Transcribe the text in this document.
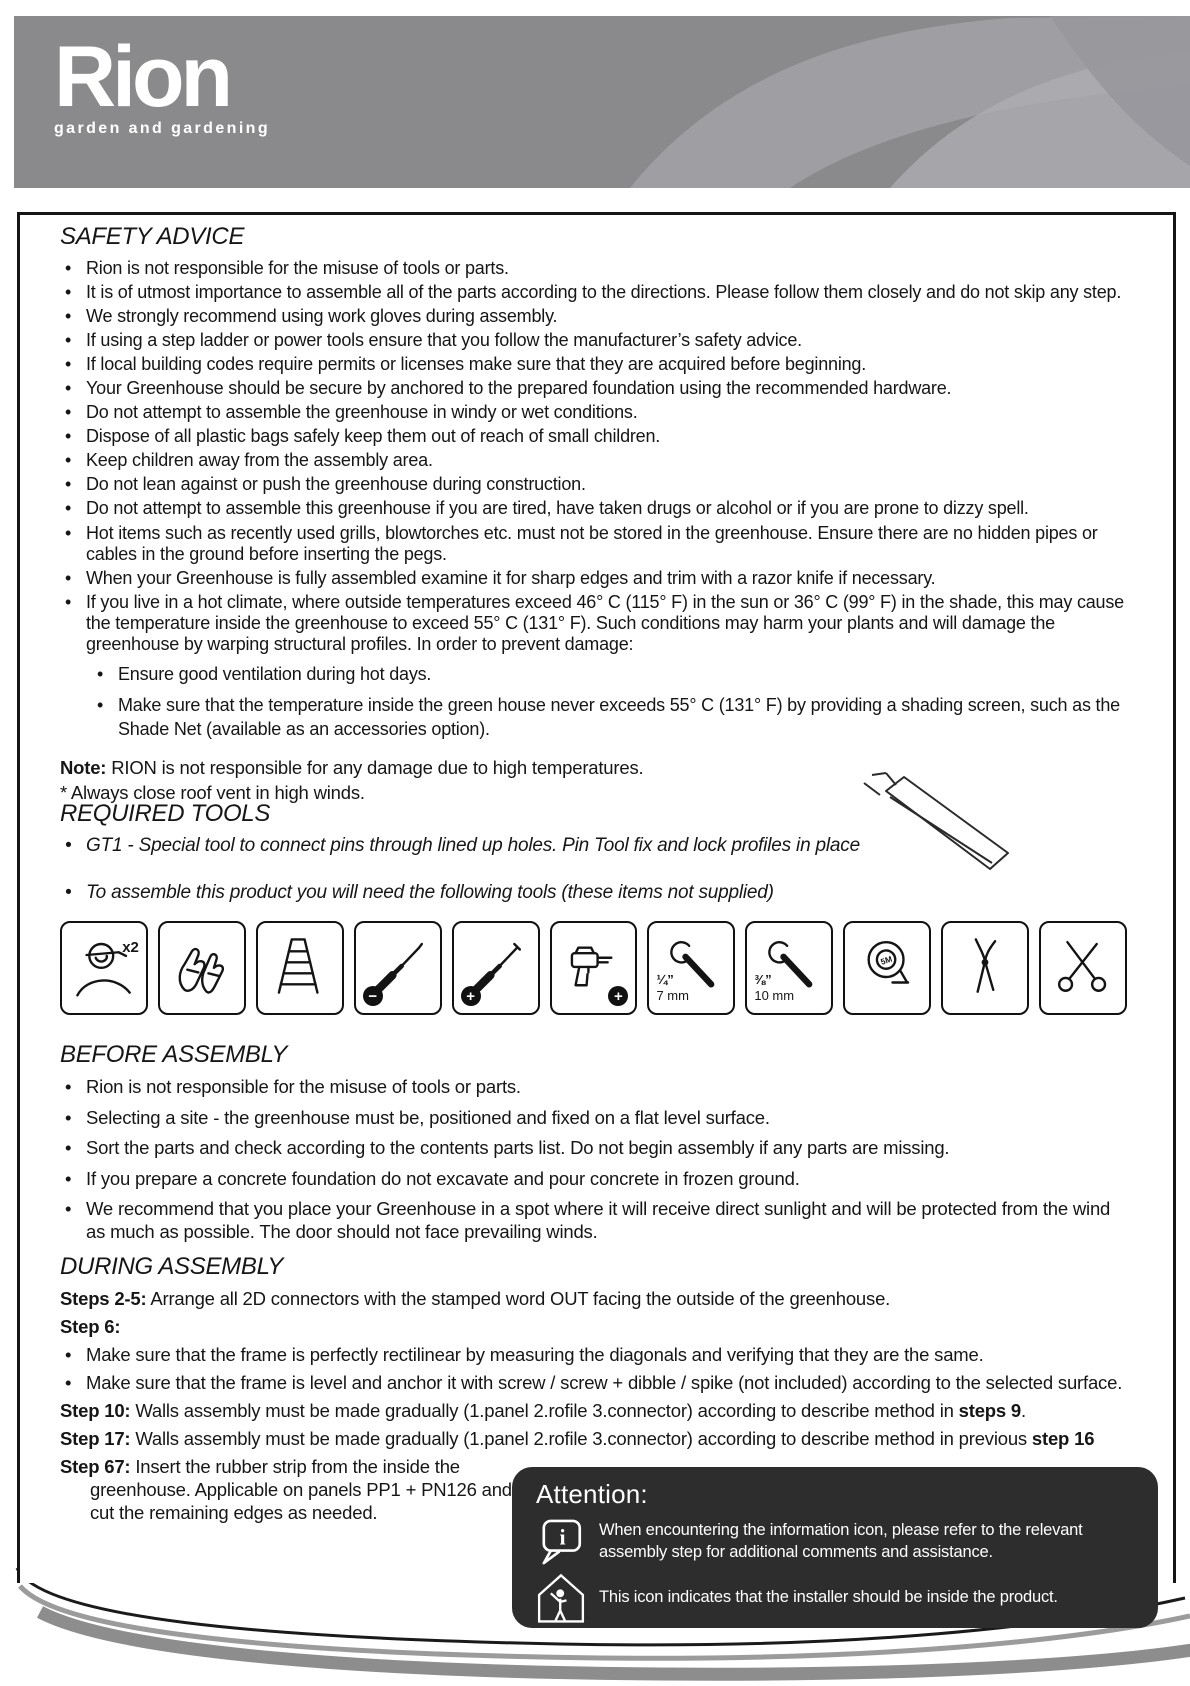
Rion
garden and gardening
SAFETY ADVICE
• Rion is not responsible for the misuse of tools or parts.
• It is of utmost importance to assemble all of the parts according to the directions. Please follow them closely and do not skip any step.
• We strongly recommend using work gloves during assembly.
• If using a step ladder or power tools ensure that you follow the manufacturer’s safety advice.
• If local building codes require permits or licenses make sure that they are acquired before beginning.
• Your Greenhouse should be secure by anchored to the prepared foundation using the recommended hardware.
• Do not attempt to assemble the greenhouse in windy or wet conditions.
• Dispose of all plastic bags safely keep them out of reach of small children.
• Keep children away from the assembly area.
• Do not lean against or push the greenhouse during construction.
• Do not attempt to assemble this greenhouse if you are tired, have taken drugs or alcohol or if you are prone to dizzy spell.
• Hot items such as recently used grills, blowtorches etc. must not be stored in the greenhouse. Ensure there are no hidden pipes or cables in the ground before inserting the pegs.
• When your Greenhouse is fully assembled examine it for sharp edges and trim with a razor knife if necessary.
• If you live in a hot climate, where outside temperatures exceed 46° C (115° F) in the sun or 36° C (99° F) in the shade, this may cause the temperature inside the greenhouse to exceed 55° C (131° F). Such conditions may harm your plants and will damage the greenhouse by warping structural profiles. In order to prevent damage:
• Ensure good ventilation during hot days.
• Make sure that the temperature inside the green house never exceeds 55° C (131° F) by providing a shading screen, such as the Shade Net (available as an accessories option).

Note: RION is not responsible for any damage due to high temperatures.

* Always close roof vent in high winds.

REQUIRED TOOLS
• GT1 - Special tool to connect pins through lined up holes. Pin Tool fix and lock profiles in place
• To assemble this product you will need the following tools (these items not supplied)
x2
−	+	+
¼”
7 mm
⅜”
10 mm
5M
BEFORE ASSEMBLY
• Rion is not responsible for the misuse of tools or parts.
• Selecting a site - the greenhouse must be, positioned and fixed on a flat level surface.
• Sort the parts and check according to the contents parts list. Do not begin assembly if any parts are missing.
• If you prepare a concrete foundation do not excavate and pour concrete in frozen ground.
• We recommend that you place your Greenhouse in a spot where it will receive direct sunlight and will be protected from the wind as much as possible. The door should not face prevailing winds.
DURING ASSEMBLY

Steps 2-5: Arrange all 2D connectors with the stamped word OUT facing the outside of the greenhouse.

Step 6:

• Make sure that the frame is perfectly rectilinear by measuring the diagonals and verifying that they are the same.
• Make sure that the frame is level and anchor it with screw / screw + dibble / spike (not included) according to the selected surface.

Step 10: Walls assembly must be made gradually (1.panel 2.rofile 3.connector) according to describe method in steps 9.

Step 17: Walls assembly must be made gradually (1.panel 2.rofile 3.connector) according to describe method in previous step 16

Step 67: Insert the rubber strip from the inside the greenhouse. Applicable on panels PP1 + PN126 and cut the remaining edges as needed.

Attention:
i When encountering the information icon, please refer to the relevant assembly step for additional comments and assistance.
This icon indicates that the installer should be inside the product.
